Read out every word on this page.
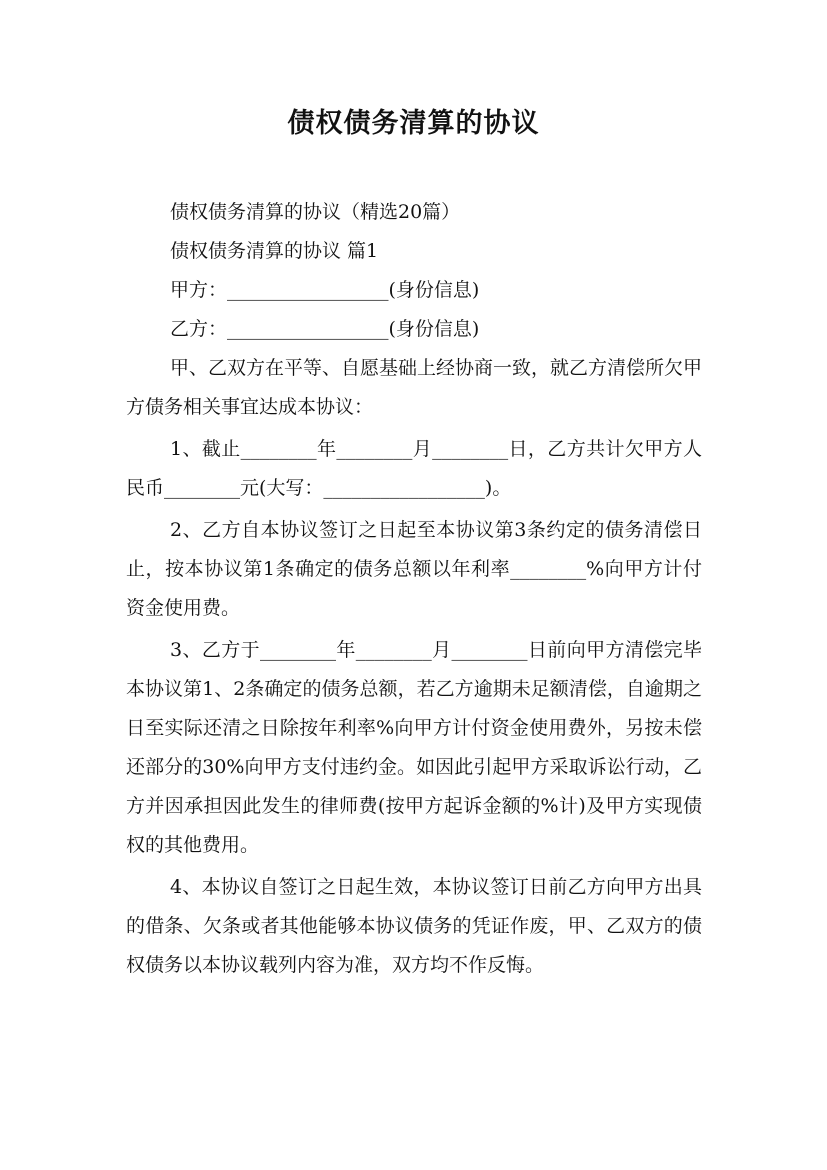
债权债务清算的协议
债权债务清算的协议（精选20篇）
债权债务清算的协议 篇1
甲方：_________________(身份信息)
乙方：_________________(身份信息)
甲、乙双方在平等、自愿基础上经协商一致，就乙方清偿所欠甲方债务相关事宜达成本协议：
1、截止________年________月________日，乙方共计欠甲方人民币________元(大写：_________________)。
2、乙方自本协议签订之日起至本协议第3条约定的债务清偿日止，按本协议第1条确定的债务总额以年利率________%向甲方计付资金使用费。
3、乙方于________年________月________日前向甲方清偿完毕本协议第1、2条确定的债务总额，若乙方逾期未足额清偿，自逾期之日至实际还清之日除按年利率%向甲方计付资金使用费外，另按未偿还部分的30%向甲方支付违约金。如因此引起甲方采取诉讼行动，乙方并因承担因此发生的律师费(按甲方起诉金额的%计)及甲方实现债权的其他费用。
4、本协议自签订之日起生效，本协议签订日前乙方向甲方出具的借条、欠条或者其他能够本协议债务的凭证作废，甲、乙双方的债权债务以本协议载列内容为准，双方均不作反悔。
